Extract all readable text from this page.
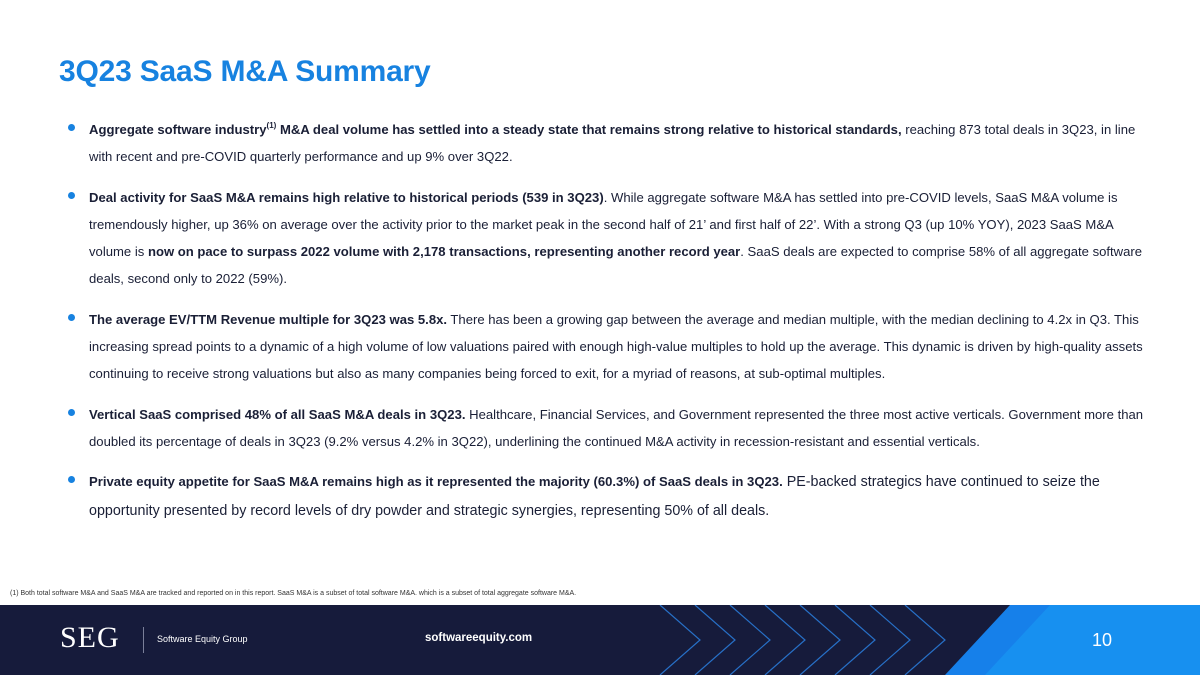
3Q23 SaaS M&A Summary
Aggregate software industry$^{(1)}$ M&A deal volume has settled into a steady state that remains strong relative to historical standards, reaching 873 total deals in 3Q23, in line with recent and pre-COVID quarterly performance and up 9% over 3Q22.
Deal activity for SaaS M&A remains high relative to historical periods (539 in 3Q23). While aggregate software M&A has settled into pre-COVID levels, SaaS M&A volume is tremendously higher, up 36% on average over the activity prior to the market peak in the second half of 21’ and first half of 22’. With a strong Q3 (up 10% YOY), 2023 SaaS M&A volume is now on pace to surpass 2022 volume with 2,178 transactions, representing another record year. SaaS deals are expected to comprise 58% of all aggregate software deals, second only to 2022 (59%).
The average EV/TTM Revenue multiple for 3Q23 was 5.8x. There has been a growing gap between the average and median multiple, with the median declining to 4.2x in Q3. This increasing spread points to a dynamic of a high volume of low valuations paired with enough high-value multiples to hold up the average. This dynamic is driven by high-quality assets continuing to receive strong valuations but also as many companies being forced to exit, for a myriad of reasons, at sub-optimal multiples.
Vertical SaaS comprised 48% of all SaaS M&A deals in 3Q23. Healthcare, Financial Services, and Government represented the three most active verticals. Government more than doubled its percentage of deals in 3Q23 (9.2% versus 4.2% in 3Q22), underlining the continued M&A activity in recession-resistant and essential verticals.
Private equity appetite for SaaS M&A remains high as it represented the majority (60.3%) of SaaS deals in 3Q23. PE-backed strategics have continued to seize the opportunity presented by record levels of dry powder and strategic synergies, representing 50% of all deals.
(1) Both total software M&A and SaaS M&A are tracked and reported on in this report. SaaS M&A is a subset of total software M&A. which is a subset of total aggregate software M&A.
SEG	Software Equity Group	softwareequity.com	10
